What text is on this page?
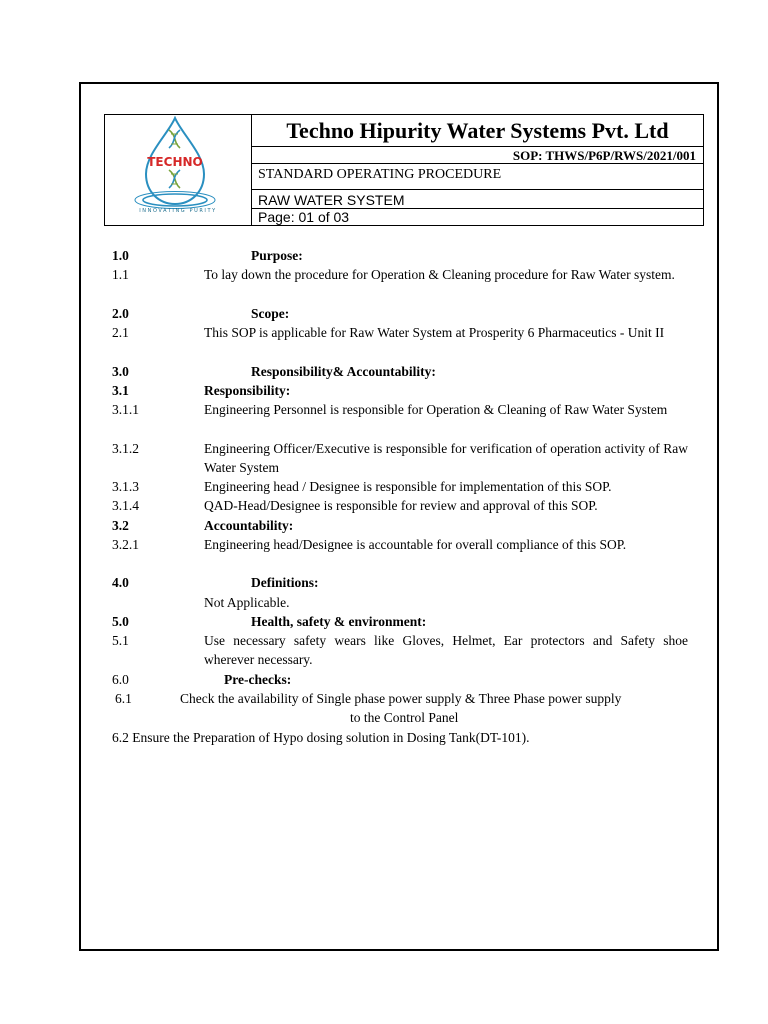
TECHNO
INNOVATING PURITY
Techno Hipurity Water Systems Pvt. Ltd
SOP: THWS/P6P/RWS/2021/001
STANDARD OPERATING PROCEDURE
RAW WATER SYSTEM
Page: 01 of 03
1.0	Purpose:
1.1	To lay down the procedure for Operation & Cleaning procedure for Raw Water system.
2.0	Scope:
2.1	This SOP is applicable for Raw Water System at Prosperity 6 Pharmaceutics - Unit II
3.0	Responsibility& Accountability:
3.1	Responsibility:
3.1.1	Engineering Personnel is responsible for Operation & Cleaning of Raw Water System
3.1.2	Engineering Officer/Executive is responsible for verification of operation activity of Raw Water System
3.1.3	Engineering head / Designee is responsible for implementation of this SOP.
3.1.4	QAD-Head/Designee is responsible for review and approval of this SOP.
3.2	Accountability:
3.2.1	Engineering head/Designee is accountable for overall compliance of this SOP.
4.0	Definitions:
Not Applicable.
5.0	Health, safety & environment:
5.1	Use necessary safety wears like Gloves, Helmet, Ear protectors and Safety shoe wherever necessary.
6.0	Pre-checks:
6.1	Check the availability of Single phase power supply & Three Phase power supply
to the Control Panel
6.2 Ensure the Preparation of Hypo dosing solution in Dosing Tank(DT-101).
